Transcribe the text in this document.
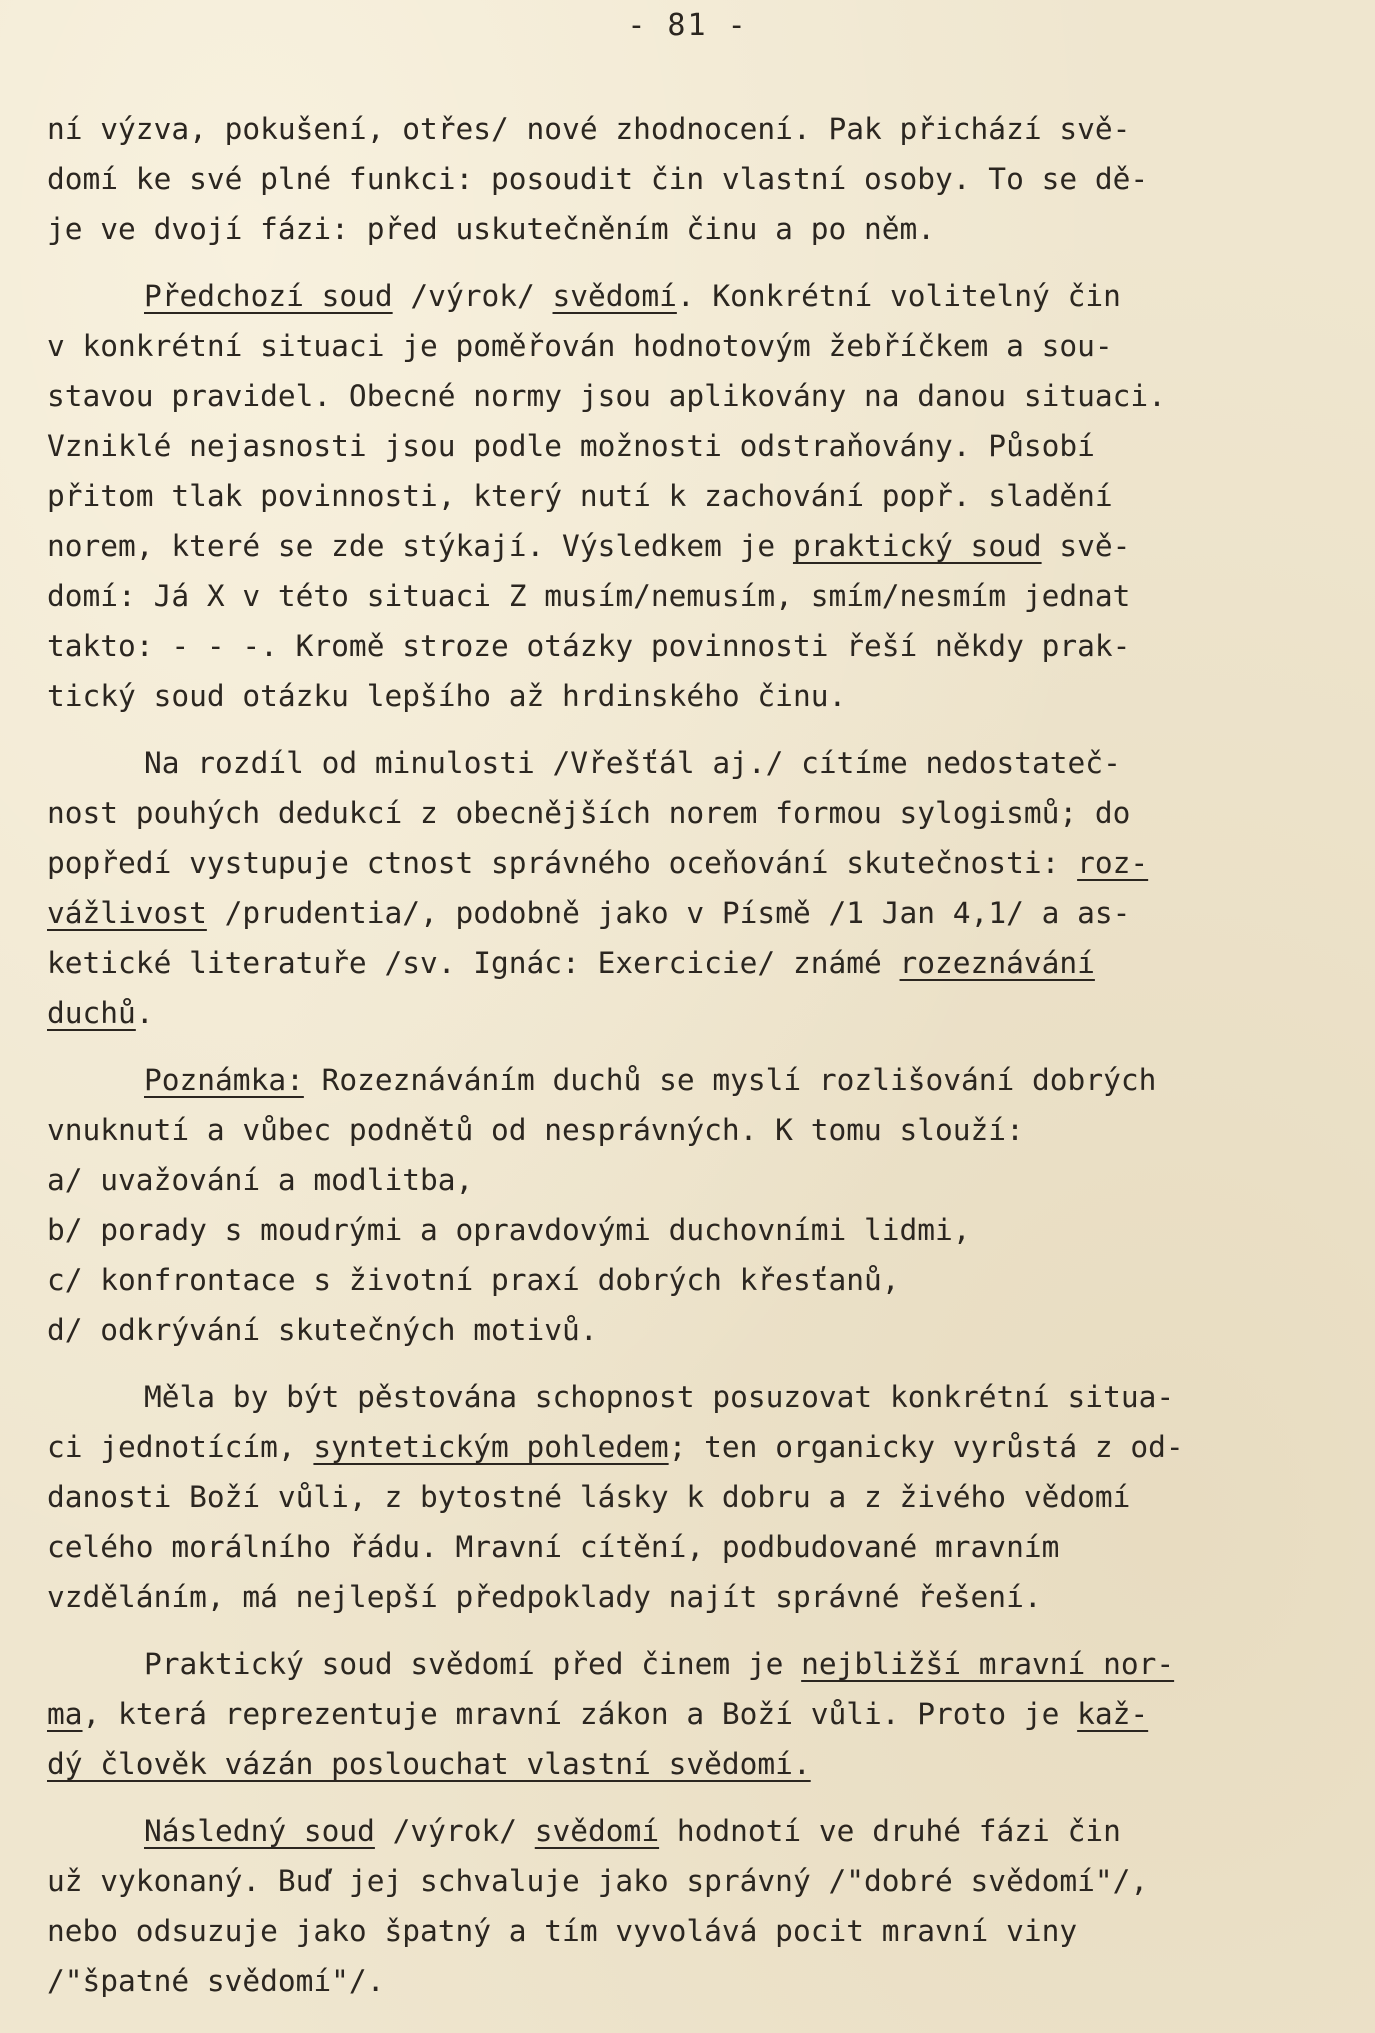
- 81 -
ní výzva, pokušení, otřes/ nové zhodnocení. Pak přichází svě-
domí ke své plné funkci: posoudit čin vlastní osoby. To se dě-
je ve dvojí fázi: před uskutečněním činu a po něm.
Předchozí soud /výrok/ svědomí. Konkrétní volitelný čin
v konkrétní situaci je poměřován hodnotovým žebříčkem a sou-
stavou pravidel. Obecné normy jsou aplikovány na danou situaci.
Vzniklé nejasnosti jsou podle možnosti odstraňovány. Působí
přitom tlak povinnosti, který nutí k zachování popř. sladění
norem, které se zde stýkají. Výsledkem je praktický soud svě-
domí: Já X v této situaci Z musím/nemusím, smím/nesmím jednat
takto: - - -. Kromě stroze otázky povinnosti řeší někdy prak-
tický soud otázku lepšího až hrdinského činu.
Na rozdíl od minulosti /Vřešťál aj./ cítíme nedostateč-
nost pouhých dedukcí z obecnějších norem formou sylogismů; do
popředí vystupuje ctnost správného oceňování skutečnosti: roz-
vážlivost /prudentia/, podobně jako v Písmě /1 Jan 4,1/ a as-
ketické literatuře /sv. Ignác: Exercicie/ známé rozeznávání
duchů.
Poznámka: Rozeznáváním duchů se myslí rozlišování dobrých
vnuknutí a vůbec podnětů od nesprávných. K tomu slouží:
a/ uvažování a modlitba,
b/ porady s moudrými a opravdovými duchovními lidmi,
c/ konfrontace s životní praxí dobrých křesťanů,
d/ odkrývání skutečných motivů.
Měla by být pěstována schopnost posuzovat konkrétní situa-
ci jednotícím, syntetickým pohledem; ten organicky vyrůstá z od-
danosti Boží vůli, z bytostné lásky k dobru a z živého vědomí
celého morálního řádu. Mravní cítění, podbudované mravním
vzděláním, má nejlepší předpoklady najít správné řešení.
Praktický soud svědomí před činem je nejbližší mravní nor-
ma, která reprezentuje mravní zákon a Boží vůli. Proto je kaž-
dý člověk vázán poslouchat vlastní svědomí.
Následný soud /výrok/ svědomí hodnotí ve druhé fázi čin
už vykonaný. Buď jej schvaluje jako správný /"dobré svědomí"/,
nebo odsuzuje jako špatný a tím vyvolává pocit mravní viny
/"špatné svědomí"/.
